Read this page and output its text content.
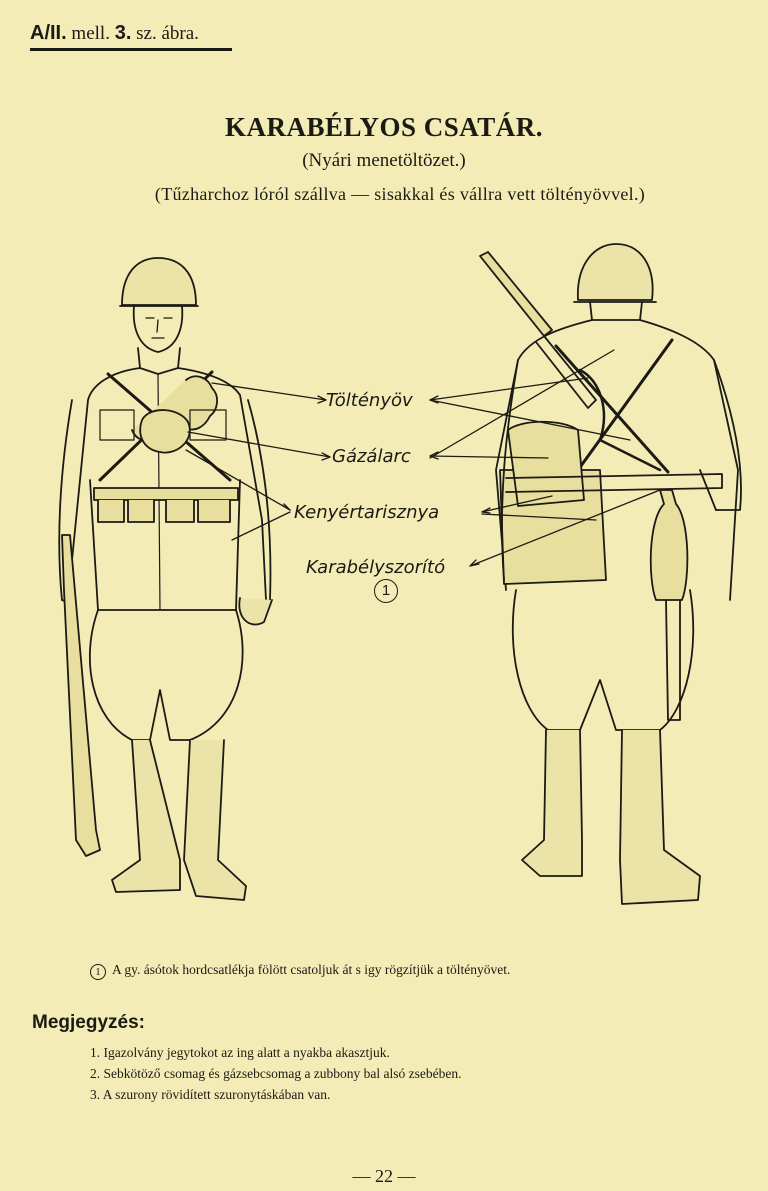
A/II. mell. 3. sz. ábra.
KARABÉLYOS CSATÁR.
(Nyári menetöltözet.)
(Tűzharchoz lóról szállva — sisakkal és vállra vett töltényövvel.)
Töltényöv
Gázálarc
Kenyértarisznya
Karabélyszorító
1
1 A gy. ásótok hordcsatlékja fölött csatoljuk át s igy rögzítjük a töltényövet.
Megjegyzés:
1. Igazolvány jegytokot az ing alatt a nyakba akasztjuk.
2. Sebkötöző csomag és gázsebcsomag a zubbony bal alsó zsebében.
3. A szurony rövidített szuronytáskában van.
— 22 —
